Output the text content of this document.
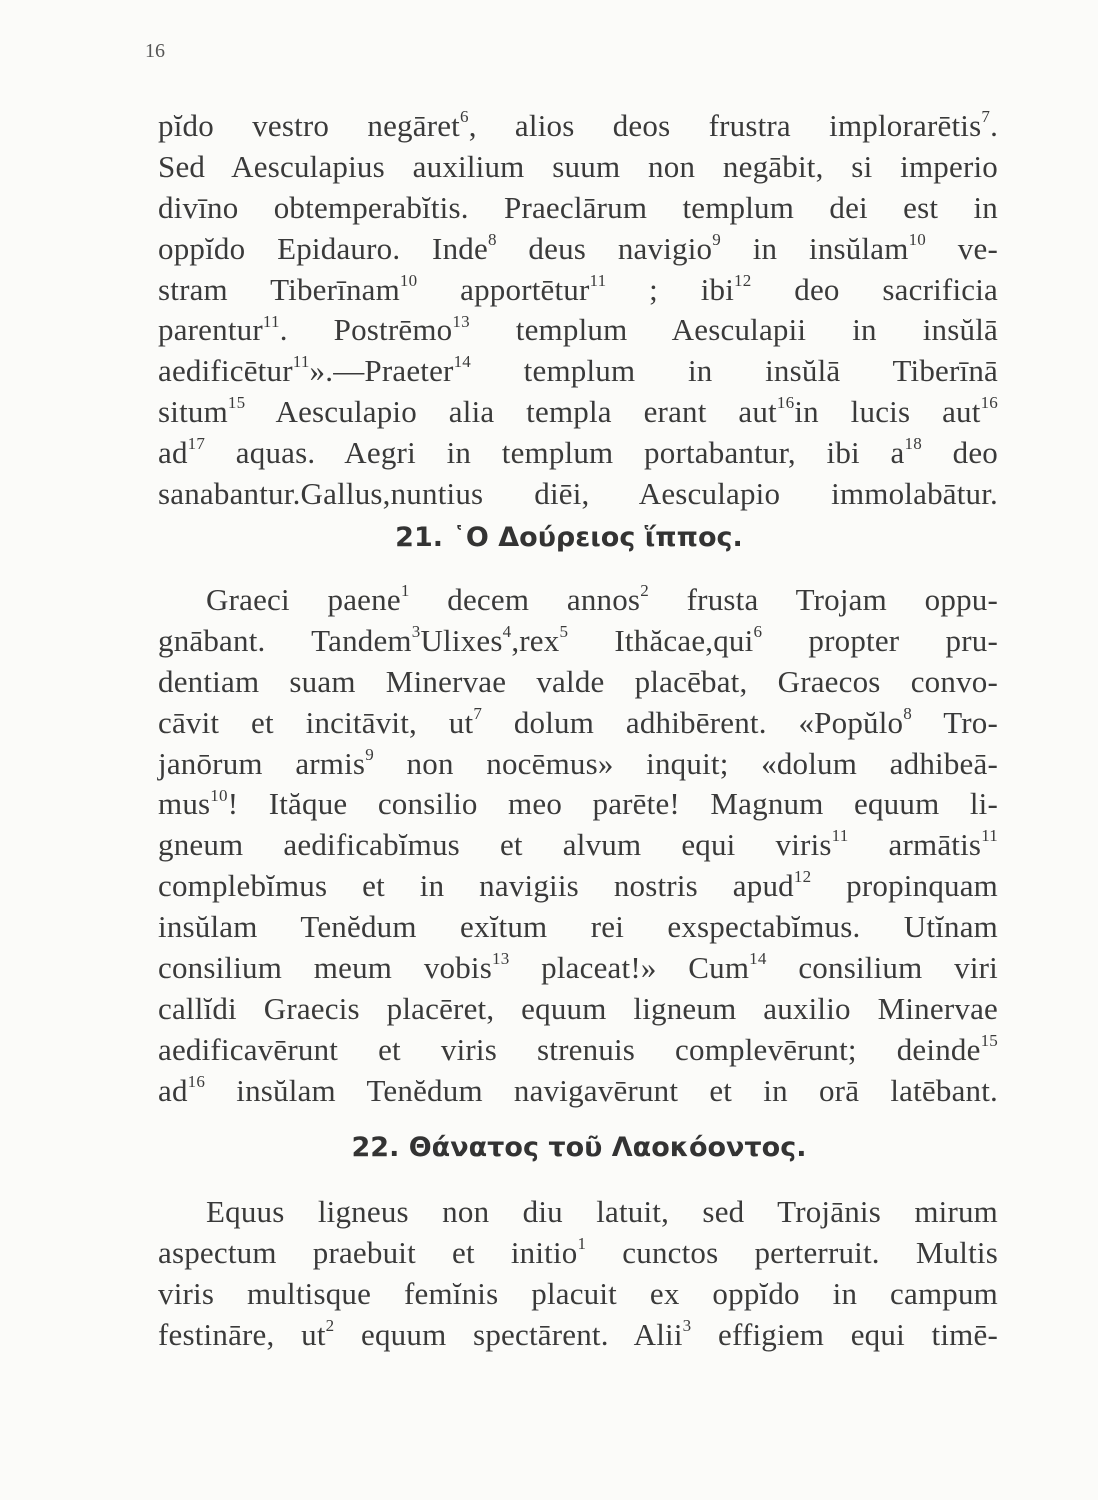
16
pĭdo vestro negāret$^6$, alios deos frustra implorarētis$^7$.
Sed Aesculapius auxilium suum non negābit, si imperio
divīno obtemperabĭtis. Praeclārum templum dei est in
oppĭdo Epidauro. Inde$^8$ deus navigio$^9$ in insŭlam$^{10}$ ve-
stram Tiberīnam$^{10}$ apportētur$^{11}$ ; ibi$^{12}$ deo sacrificia
parentur$^{11}$. Postrēmo$^{13}$ templum Aesculapii in insŭlā
aedificētur$^{11}$».—Praeter$^{14}$ templum in insŭlā Tiberīnā
situm$^{15}$ Aesculapio alia templa erant aut$^{16}$in lucis aut$^{16}$
$ad^{17}$ aquas. Aegri in templum portabantur, ibi $a^{18}$ deo
sanabantur.Gallus,nuntius diēi, Aesculapio immolabātur.
21. ῾Ο Δούρειος ἵππος.
Graeci paene$^1$ decem annos$^2$ frusta Trojam oppu-
gnābant. Tandem$^3$Ulixes$^4$,rex$^5$ Ithăcae,qui$^6$ propter pru-
dentiam suam Minervae valde placēbat, Graecos convo-
cāvit et incitāvit, $ut^7$ dolum adhibērent. «Popŭlo$^8$ Tro-
janōrum armis$^9$ non nocēmus» inquit; «dolum adhibeā-
mus$^{10}$! Ităque consilio meo parēte! Magnum equum li-
gneum aedificabĭmus et alvum equi viris$^{11}$ armātis$^{11}$
complebĭmus et in navigiis nostris apud$^{12}$ propinquam
insŭlam Tenĕdum exĭtum rei exspectabĭmus. Utĭnam
consilium meum vobis$^{13}$ placeat!» Cum$^{14}$ consilium viri
callĭdi Graecis placēret, equum ligneum auxilio Minervae
aedificavērunt et viris strenuis complevērunt; deinde$^{15}$
$ad^{16}$ insŭlam Tenĕdum navigavērunt et in orā latēbant.
22. Θάνατος τοῦ Λαοκόοντος.
Equus ligneus non diu latuit, sed Trojānis mirum
aspectum praebuit et initio$^1$ cunctos perterruit. Multis
viris multisque femĭnis placuit ex oppĭdo in campum
festināre, $ut^2$ equum spectārent. Alii$^3$ effigiem equi timē-
